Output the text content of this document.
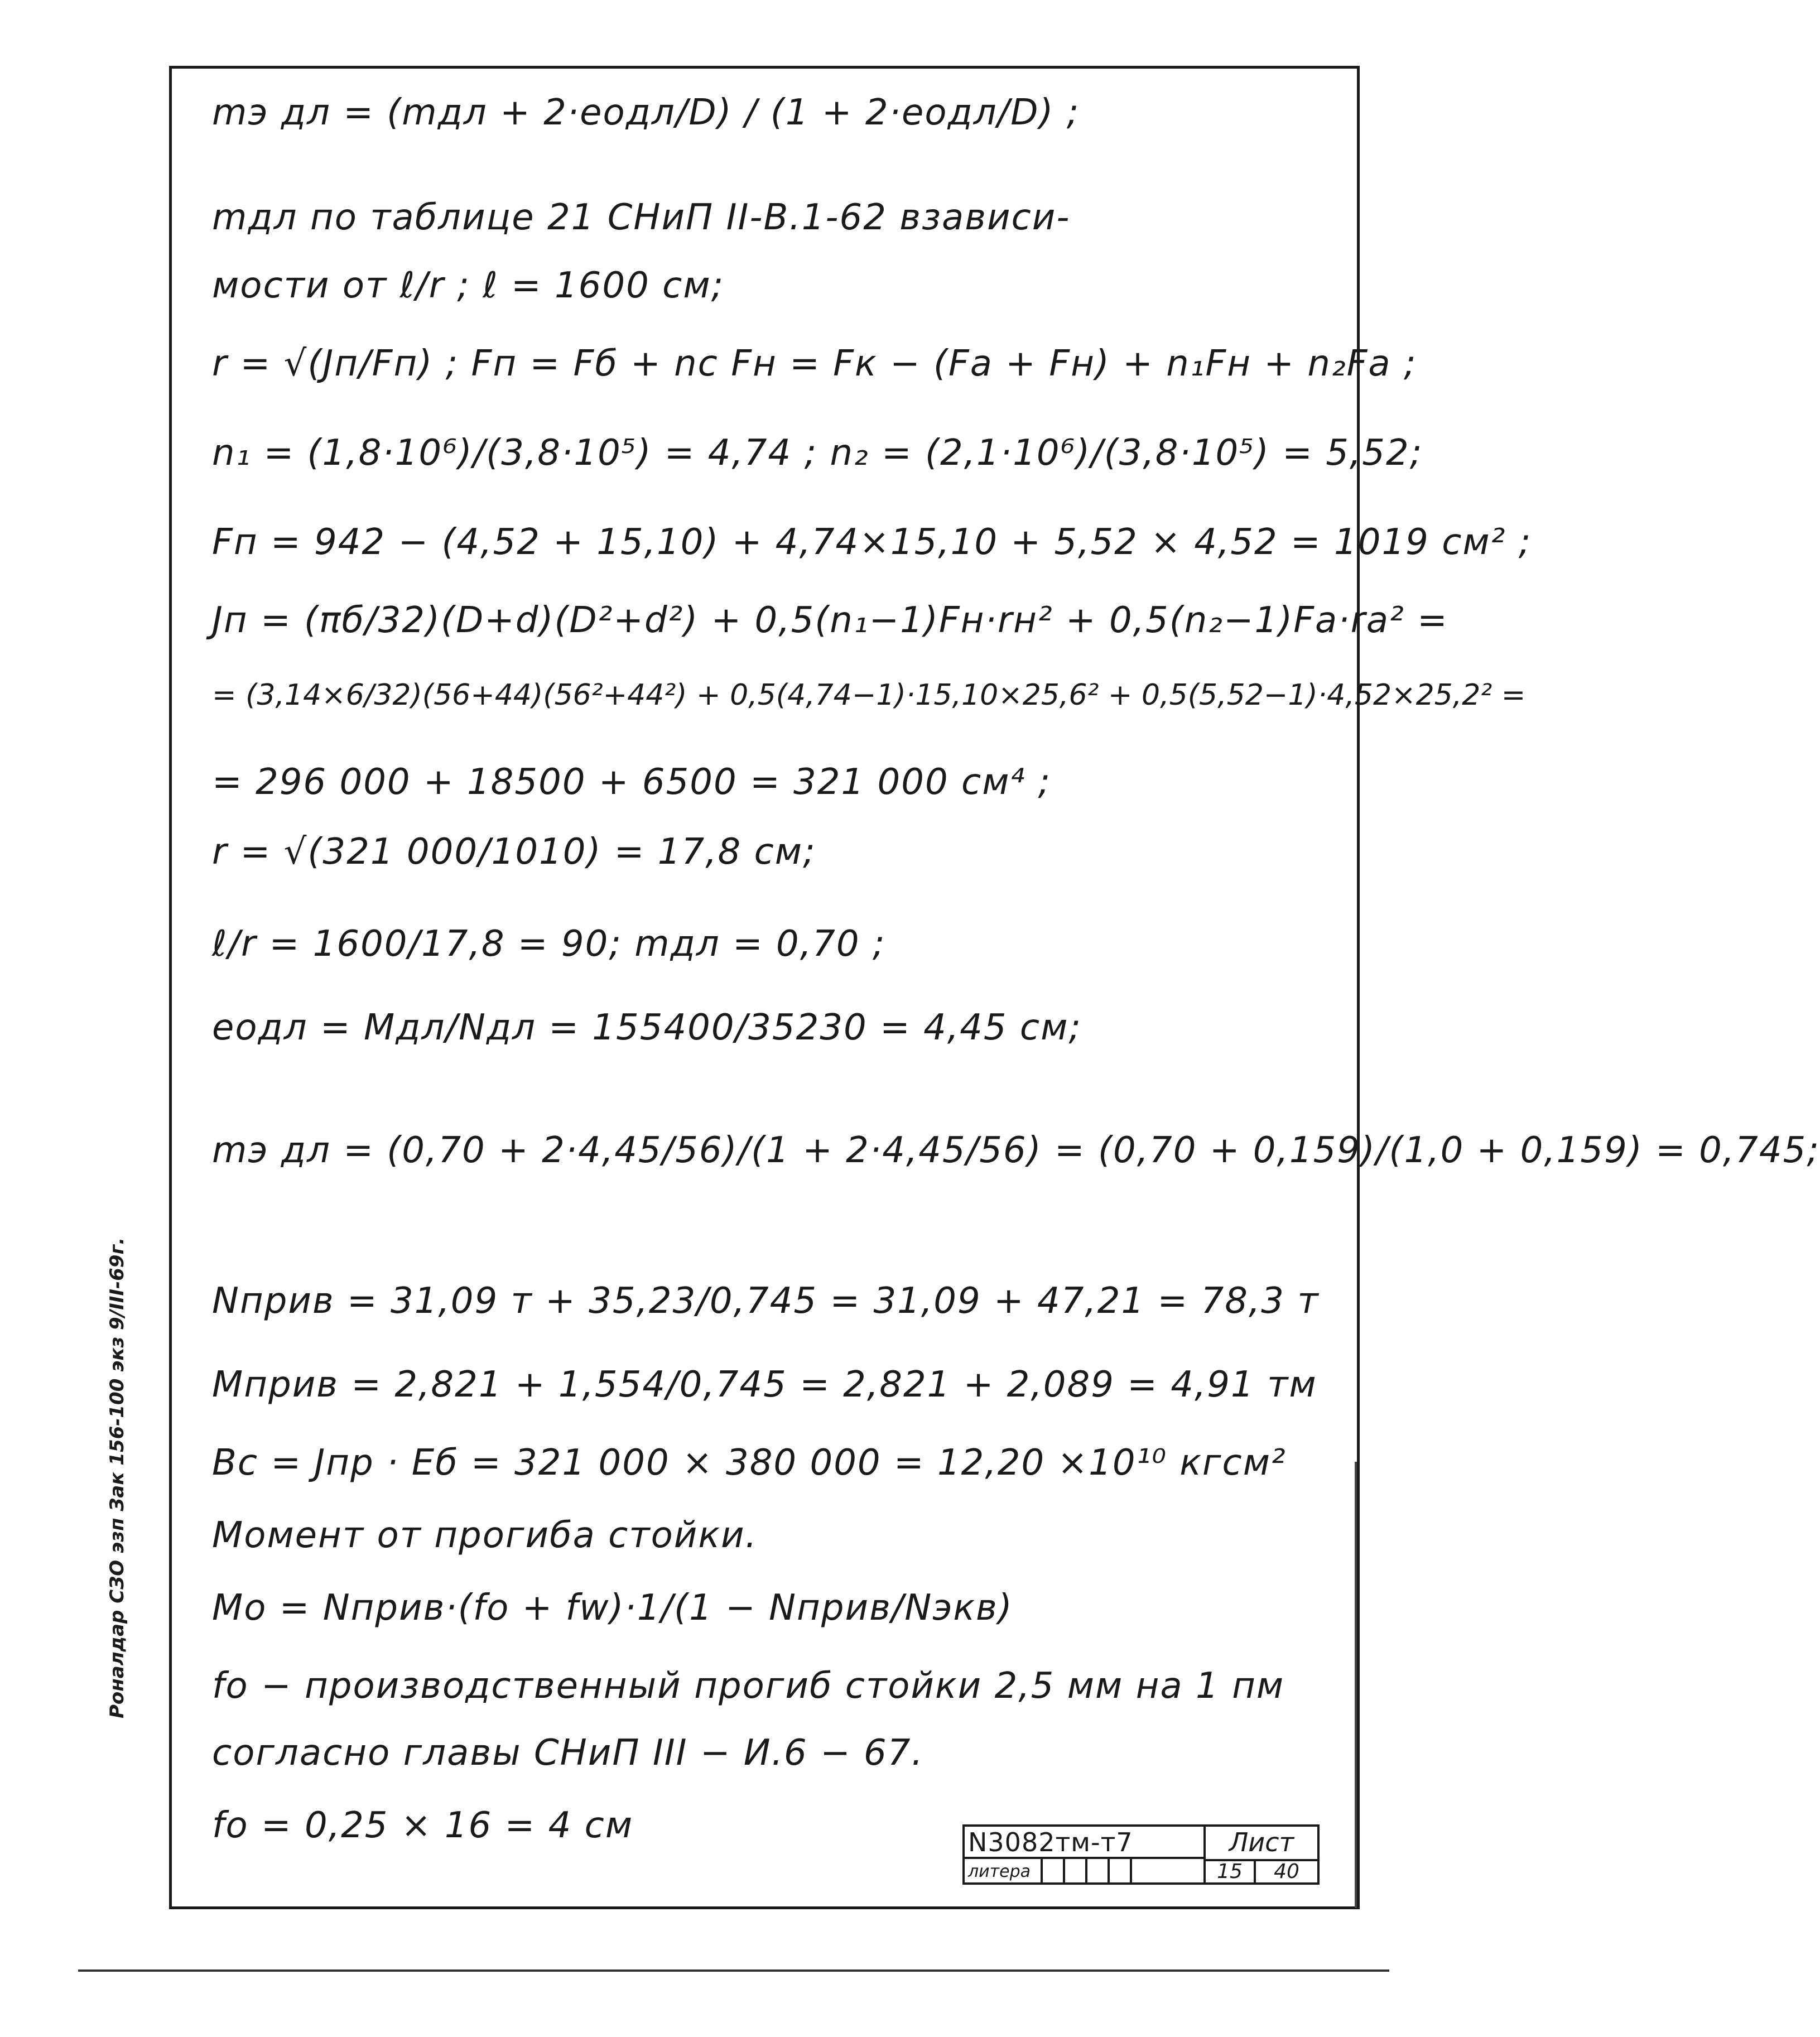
mэ дл = (mдл + 2·eодл/D) / (1 + 2·eодл/D) ;
mдл по таблице 21 СНиП II-В.1-62 взависи-
мости от ℓ/r ; ℓ = 1600 см;
r = √(Jп/Fп) ; Fп = Fб + nс Fн = Fк − (Fа + Fн) + n₁Fн + n₂Fа ;
n₁ = (1,8·10⁶)/(3,8·10⁵) = 4,74 ; n₂ = (2,1·10⁶)/(3,8·10⁵) = 5,52;
Fп = 942 − (4,52 + 15,10) + 4,74×15,10 + 5,52 × 4,52 = 1019 см² ;
Jп = (πб/32)(D+d)(D²+d²) + 0,5(n₁−1)Fн·rн² + 0,5(n₂−1)Fа·rа² =
= (3,14×6/32)(56+44)(56²+44²) + 0,5(4,74−1)·15,10×25,6² + 0,5(5,52−1)·4,52×25,2² =
= 296 000 + 18500 + 6500 = 321 000 см⁴ ;
r = √(321 000/1010) = 17,8 см;
ℓ/r = 1600/17,8 = 90; mдл = 0,70 ;
eодл = Mдл/Nдл = 155400/35230 = 4,45 см;
mэ дл = (0,70 + 2·4,45/56)/(1 + 2·4,45/56) = (0,70 + 0,159)/(1,0 + 0,159) = 0,745;
Nприв = 31,09 т + 35,23/0,745 = 31,09 + 47,21 = 78,3 т
Mприв = 2,821 + 1,554/0,745 = 2,821 + 2,089 = 4,91 тм
Bс = Jпр · Eб = 321 000 × 380 000 = 12,20 ×10¹⁰ кгсм²
Момент от прогиба стойки.
Mо = Nприв·(fо + fw)·1/(1 − Nприв/Nэкв)
fо − производственный прогиб стойки 2,5 мм на 1 пм
согласно главы СНиП III − И.6 − 67.
fо = 0,25 × 16 = 4 см
Роналдар СЗО эзп Зак 156-100 экз 9/III-69г.
N3082тм-т7	Лист
литера	15	40
